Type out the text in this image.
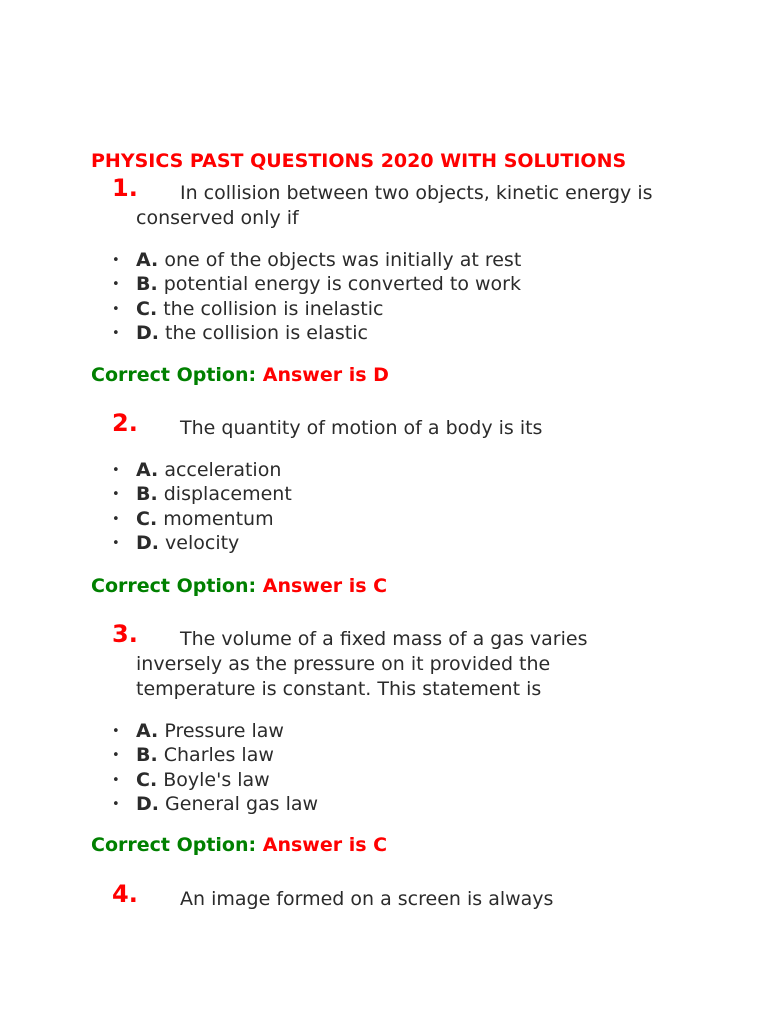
PHYSICS PAST QUESTIONS 2020 WITH SOLUTIONS
1.	In collision between two objects, kinetic energy is conserved only if
• A. one of the objects was initially at rest
• B. potential energy is converted to work
• C. the collision is inelastic
• D. the collision is elastic
Correct Option: Answer is D
2.	The quantity of motion of a body is its
• A. acceleration
• B. displacement
• C. momentum
• D. velocity
Correct Option: Answer is C
3.	The volume of a fixed mass of a gas varies inversely as the pressure on it provided the temperature is constant. This statement is
• A. Pressure law
• B. Charles law
• C. Boyle's law
• D. General gas law
Correct Option: Answer is C
4.	An image formed on a screen is always
